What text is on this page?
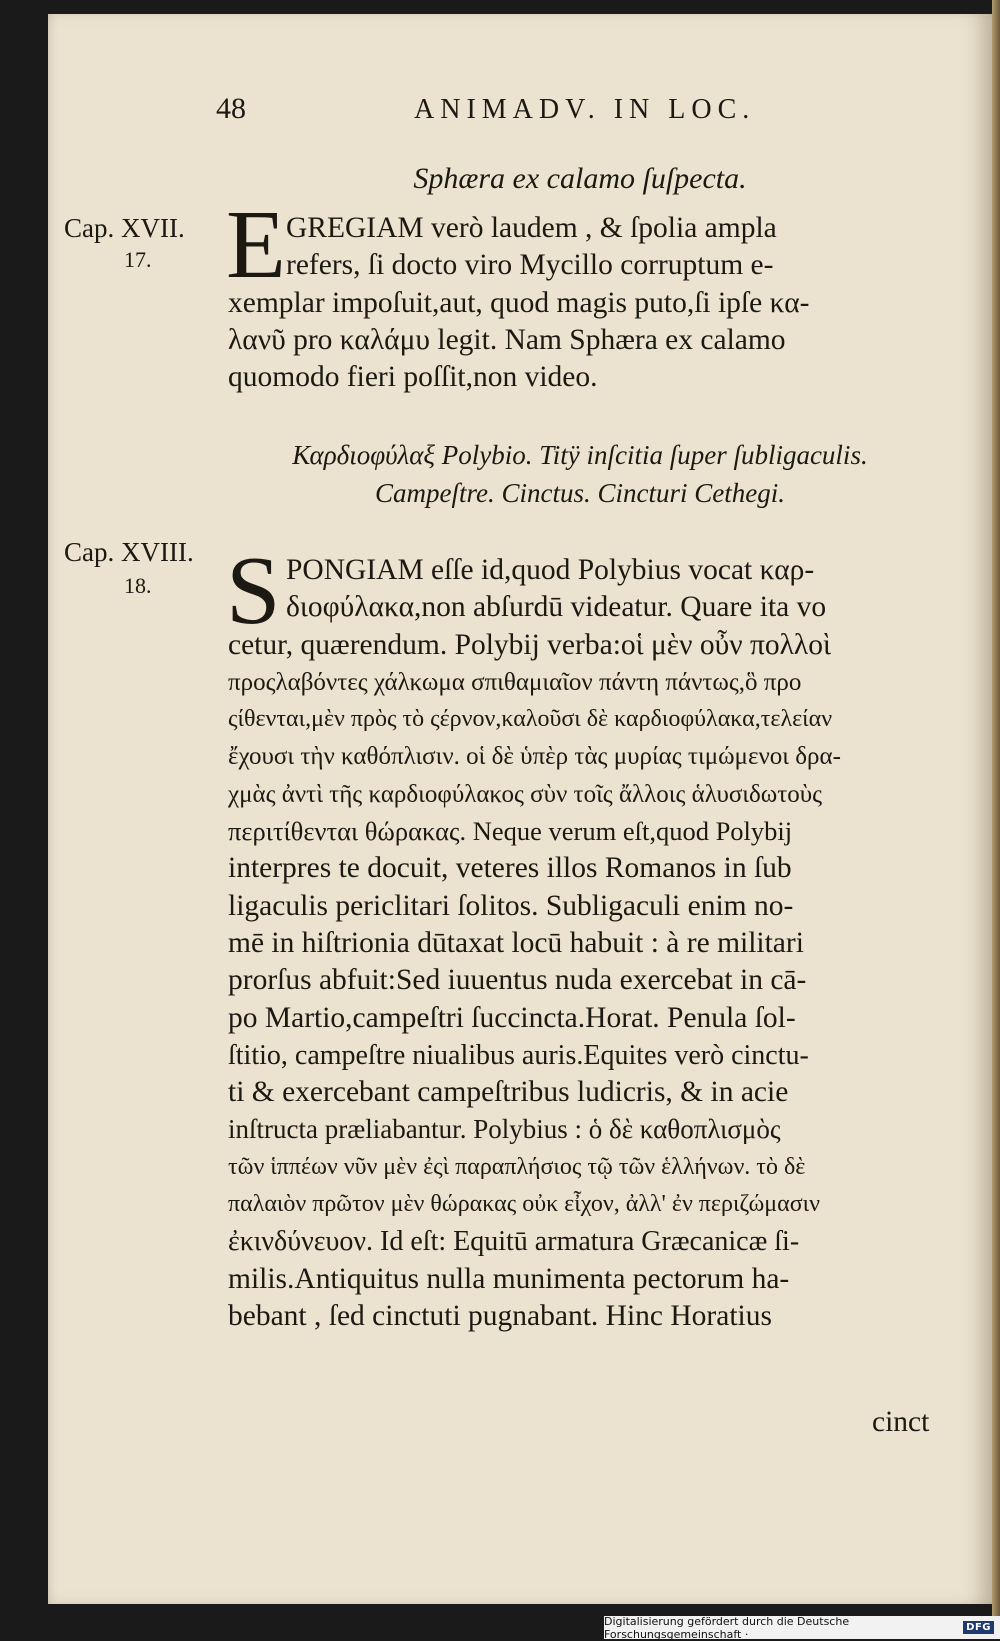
48	ANIMADV. IN LOC.
Sphæra ex calamo ſuſpecta.
Cap. XVII.
17. E GREGIAM verò laudem , & ſpolia ampla
refers, ſi docto viro Mycillo corruptum e-
xemplar impoſuit,aut, quod magis puto,ſi ipſe κα-
λανῦ pro καλάμυ legit. Nam Sphæra ex calamo
quomodo fieri poſſit,non video.
Καρδιοφύλαξ Polybio. Titÿ inſcitia ſuper ſubligaculis.
Campeſtre. Cinctus. Cincturi Cethegi.
Cap. XVIII.
18. S PONGIAM eſſe id,quod Polybius vocat καρ-
διοφύλακα,non abſurdū videatur. Quare ita vo
cetur, quærendum. Polybij verba:οἱ μὲν οὖν πολλοὶ
προςλαβόντες χάλκωμα σπιθαμιαῖον πάντη πάντως,ὃ προ
ςίθενται,μὲν πρὸς τὸ ςέρνον,καλοῦσι δὲ καρδιοφύλακα,τελείαν
ἔχουσι τὴν καθόπλισιν. οἱ δὲ ὑπὲρ τὰς μυρίας τιμώμενοι δρα-
χμὰς ἀντὶ τῆς καρδιοφύλακος σὺν τοῖς ἄλλοις ἁλυσιδωτοὺς
περιτίθενται θώρακας. Neque verum eſt,quod Polybij
interpres te docuit, veteres illos Romanos in ſub
ligaculis periclitari ſolitos. Subligaculi enim no-
mē in hiſtrionia dūtaxat locū habuit : à re militari
prorſus abfuit:Sed iuuentus nuda exercebat in cā-
po Martio,campeſtri ſuccincta.Horat. Penula ſol-
ſtitio, campeſtre niualibus auris.Equites verò cinctu-
ti & exercebant campeſtribus ludicris, & in acie
inſtructa præliabantur. Polybius : ὁ δὲ καθοπλισμὸς
τῶν ἱππέων νῦν μὲν ἐςὶ παραπλήσιος τῷ τῶν ἑλλήνων. τὸ δὲ
παλαιὸν πρῶτον μὲν θώρακας οὐκ εἶχον, ἀλλ' ἐν περιζώμασιν
ἐκινδύνευον. Id eſt: Equitū armatura Græcanicæ ſi-
milis.Antiquitus nulla munimenta pectorum ha-
bebant , ſed cinctuti pugnabant. Hinc Horatius
cinct
Digitalisierung gefördert durch die Deutsche Forschungsgemeinschaft ·	DFG
